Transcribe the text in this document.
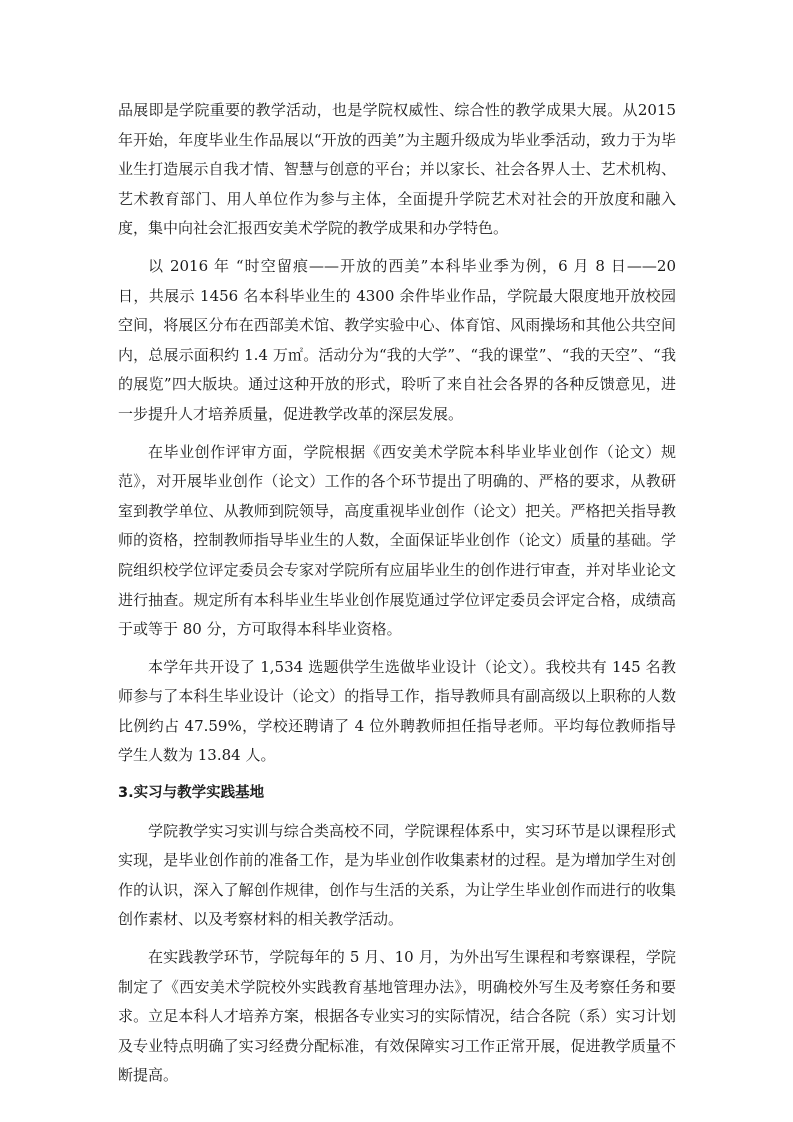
品展即是学院重要的教学活动，也是学院权威性、综合性的教学成果大展。从2015年开始，年度毕业生作品展以“开放的西美”为主题升级成为毕业季活动，致力于为毕业生打造展示自我才情、智慧与创意的平台；并以家长、社会各界人士、艺术机构、艺术教育部门、用人单位作为参与主体，全面提升学院艺术对社会的开放度和融入度，集中向社会汇报西安美术学院的教学成果和办学特色。

以 2016 年 “时空留痕——开放的西美”本科毕业季为例，6 月 8 日——20 日，共展示 1456 名本科毕业生的 4300 余件毕业作品，学院最大限度地开放校园空间，将展区分布在西部美术馆、教学实验中心、体育馆、风雨操场和其他公共空间内，总展示面积约 1.4 万㎡。活动分为“我的大学”、“我的课堂”、“我的天空”、“我的展览”四大版块。通过这种开放的形式，聆听了来自社会各界的各种反馈意见，进一步提升人才培养质量，促进教学改革的深层发展。

在毕业创作评审方面，学院根据《西安美术学院本科毕业毕业创作（论文）规范》，对开展毕业创作（论文）工作的各个环节提出了明确的、严格的要求，从教研室到教学单位、从教师到院领导，高度重视毕业创作（论文）把关。严格把关指导教师的资格，控制教师指导毕业生的人数，全面保证毕业创作（论文）质量的基础。学院组织校学位评定委员会专家对学院所有应届毕业生的创作进行审查，并对毕业论文进行抽查。规定所有本科毕业生毕业创作展览通过学位评定委员会评定合格，成绩高于或等于 80 分，方可取得本科毕业资格。

本学年共开设了 1,534 选题供学生选做毕业设计（论文）。我校共有 145 名教师参与了本科生毕业设计（论文）的指导工作，指导教师具有副高级以上职称的人数比例约占 47.59%，学校还聘请了 4 位外聘教师担任指导老师。平均每位教师指导学生人数为 13.84 人。

3.实习与教学实践基地

学院教学实习实训与综合类高校不同，学院课程体系中，实习环节是以课程形式实现，是毕业创作前的准备工作，是为毕业创作收集素材的过程。是为增加学生对创作的认识，深入了解创作规律，创作与生活的关系，为让学生毕业创作而进行的收集创作素材、以及考察材料的相关教学活动。

在实践教学环节，学院每年的 5 月、10 月，为外出写生课程和考察课程，学院制定了《西安美术学院校外实践教育基地管理办法》，明确校外写生及考察任务和要求。立足本科人才培养方案，根据各专业实习的实际情况，结合各院（系）实习计划及专业特点明确了实习经费分配标准，有效保障实习工作正常开展，促进教学质量不断提高。
